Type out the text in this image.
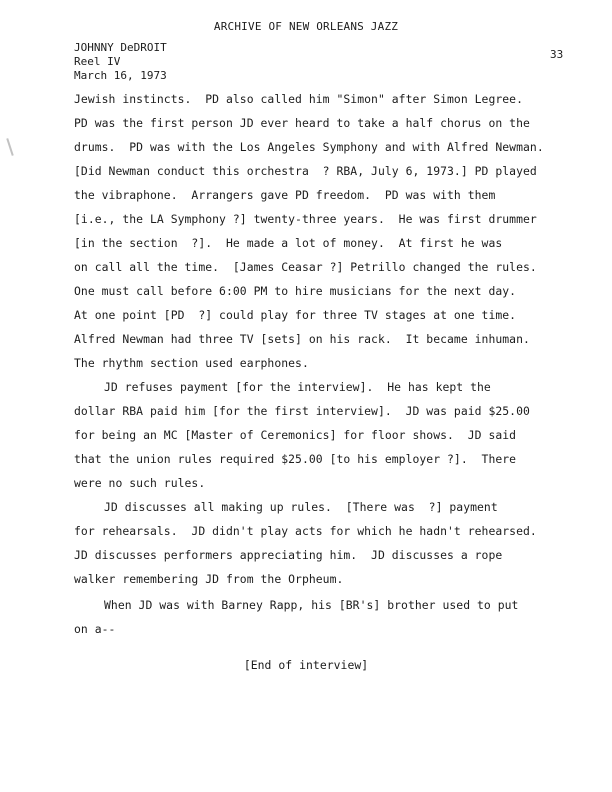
ARCHIVE OF NEW ORLEANS JAZZ
JOHNNY DeDROIT
Reel IV
March 16, 1973
33
Jewish instincts.  PD also called him "Simon" after Simon Legree.
PD was the first person JD ever heard to take a half chorus on the
drums.  PD was with the Los Angeles Symphony and with Alfred Newman.
[Did Newman conduct this orchestra  ? RBA, July 6, 1973.] PD played
the vibraphone.  Arrangers gave PD freedom.  PD was with them
[i.e., the LA Symphony ?] twenty-three years.  He was first drummer
[in the section  ?].  He made a lot of money.  At first he was
on call all the time.  [James Ceasar ?] Petrillo changed the rules.
One must call before 6:00 PM to hire musicians for the next day.
At one point [PD  ?] could play for three TV stages at one time.
Alfred Newman had three TV [sets] on his rack.  It became inhuman.
The rhythm section used earphones.
JD refuses payment [for the interview].  He has kept the
dollar RBA paid him [for the first interview].  JD was paid $25.00
for being an MC [Master of Ceremonics] for floor shows.  JD said
that the union rules required $25.00 [to his employer ?].  There
were no such rules.
JD discusses all making up rules.  [There was  ?] payment
for rehearsals.  JD didn't play acts for which he hadn't rehearsed.
JD discusses performers appreciating him.  JD discusses a rope
walker remembering JD from the Orpheum.
When JD was with Barney Rapp, his [BR's] brother used to put
on a--
[End of interview]
